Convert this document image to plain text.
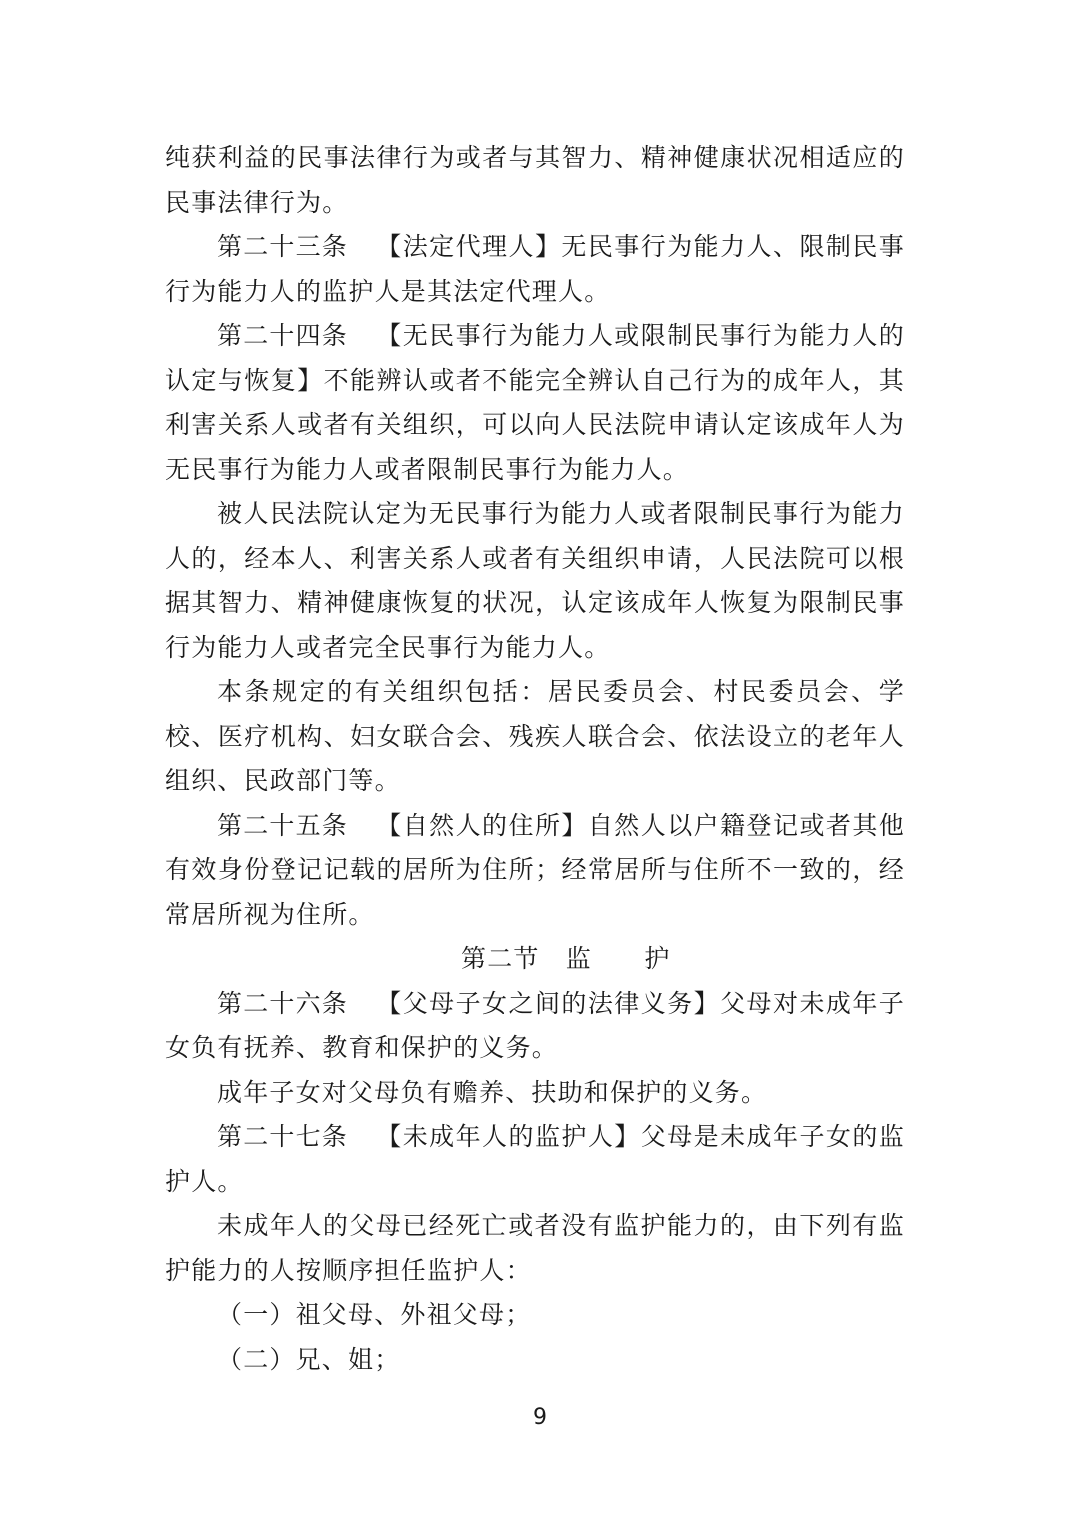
纯获利益的民事法律行为或者与其智力、精神健康状况相适应的民事法律行为。

第二十三条 【法定代理人】无民事行为能力人、限制民事行为能力人的监护人是其法定代理人。

第二十四条 【无民事行为能力人或限制民事行为能力人的认定与恢复】不能辨认或者不能完全辨认自己行为的成年人，其利害关系人或者有关组织，可以向人民法院申请认定该成年人为无民事行为能力人或者限制民事行为能力人。

被人民法院认定为无民事行为能力人或者限制民事行为能力人的，经本人、利害关系人或者有关组织申请，人民法院可以根据其智力、精神健康恢复的状况，认定该成年人恢复为限制民事行为能力人或者完全民事行为能力人。

本条规定的有关组织包括：居民委员会、村民委员会、学校、医疗机构、妇女联合会、残疾人联合会、依法设立的老年人组织、民政部门等。

第二十五条 【自然人的住所】自然人以户籍登记或者其他有效身份登记记载的居所为住所；经常居所与住所不一致的，经常居所视为住所。

第二节　监　　护

第二十六条 【父母子女之间的法律义务】父母对未成年子女负有抚养、教育和保护的义务。

成年子女对父母负有赡养、扶助和保护的义务。

第二十七条 【未成年人的监护人】父母是未成年子女的监护人。

未成年人的父母已经死亡或者没有监护能力的，由下列有监护能力的人按顺序担任监护人：

（一）祖父母、外祖父母；

（二）兄、姐；

9
